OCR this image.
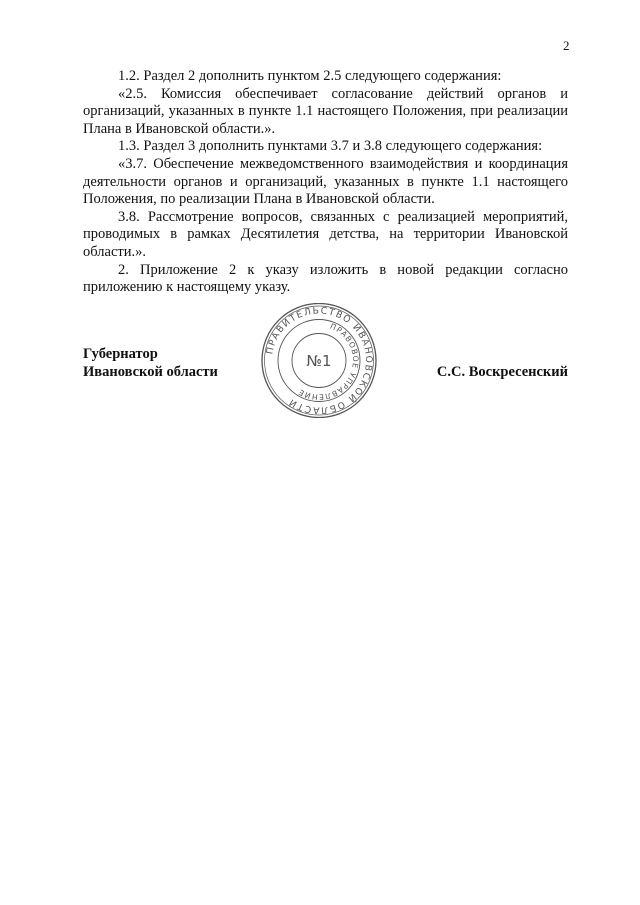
2

1.2. Раздел 2 дополнить пунктом 2.5 следующего содержания:

«2.5. Комиссия обеспечивает согласование действий органов и организаций, указанных в пункте 1.1 настоящего Положения, при реализации Плана в Ивановской области.».

1.3. Раздел 3 дополнить пунктами 3.7 и 3.8 следующего содержания:

«3.7. Обеспечение межведомственного взаимодействия и координация деятельности органов и организаций, указанных в пункте 1.1 настоящего Положения, по реализации Плана в Ивановской области.

3.8. Рассмотрение вопросов, связанных с реализацией мероприятий, проводимых в рамках Десятилетия детства, на территории Ивановской области.».

2. Приложение 2 к указу изложить в новой редакции согласно приложению к настоящему указу.

Губернатор
Ивановской области	С.С. Воскресенский
ПРАВИТЕЛЬСТВО ИВАНОВСКОЙ ОБЛАСТИ
ПРАВОВОЕ УПРАВЛЕНИЕ
№1
